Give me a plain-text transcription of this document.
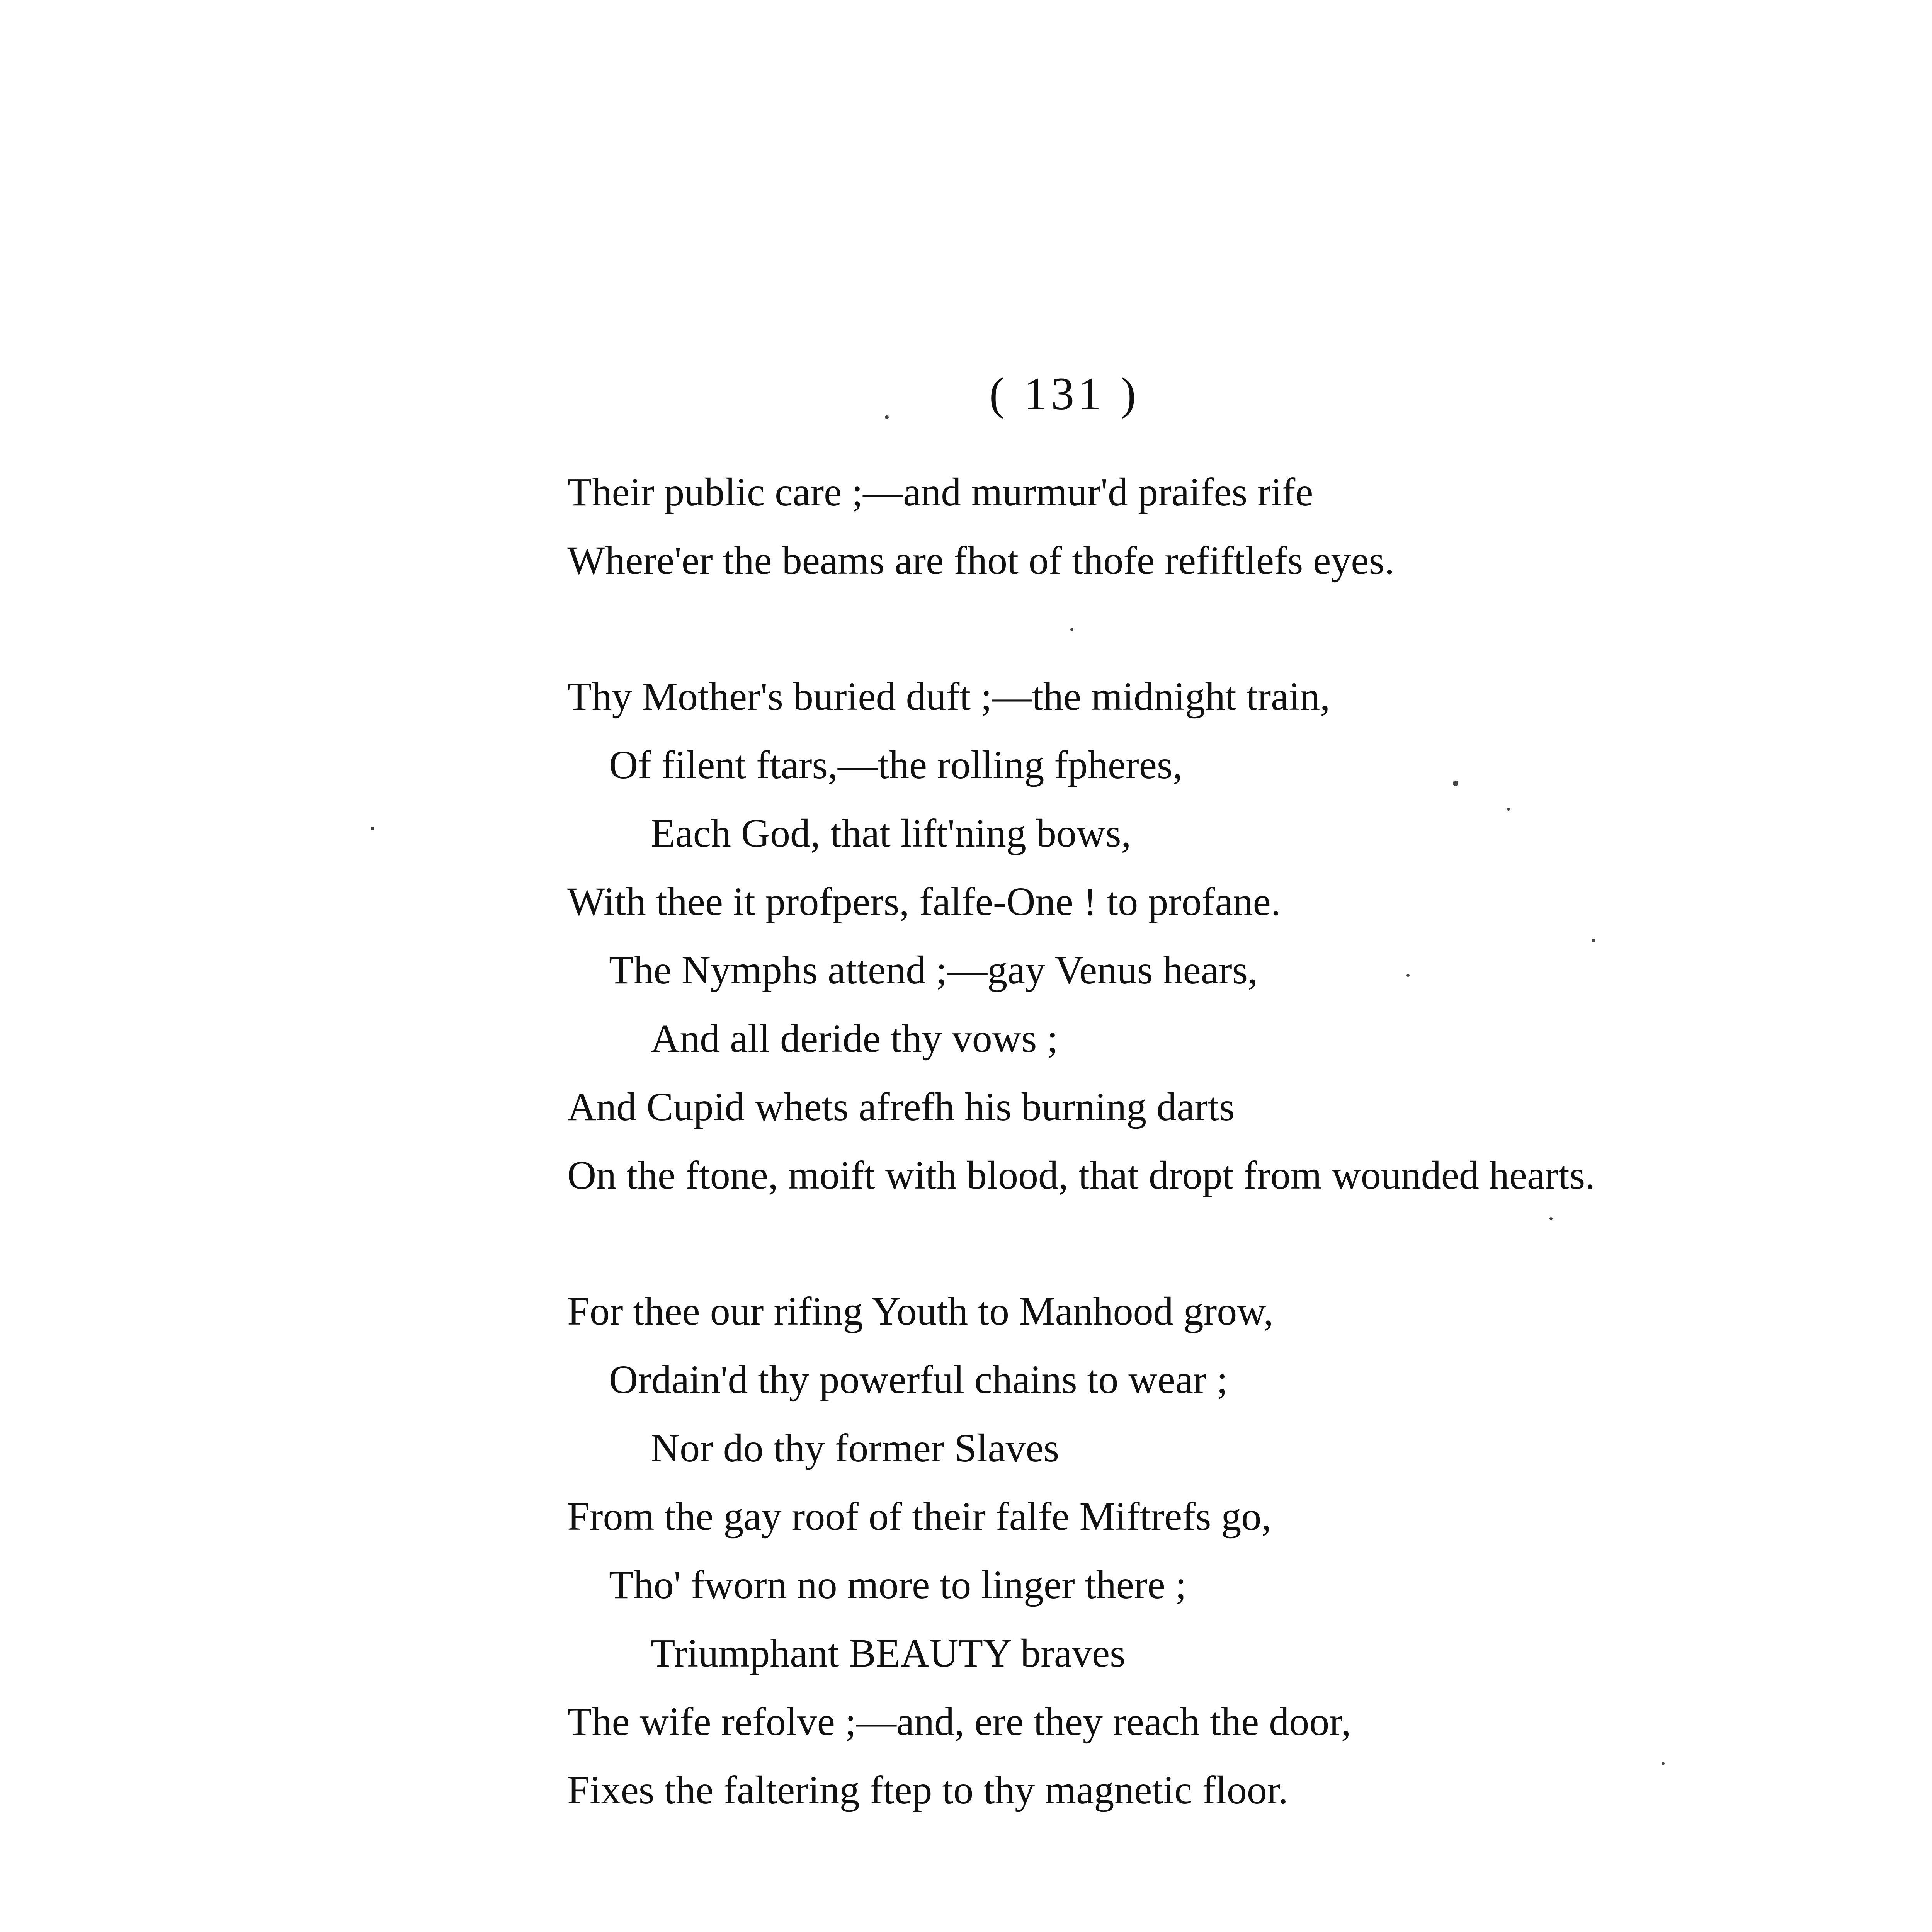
( 131 )
Their public care ;—and murmur'd praifes rife
Where'er the beams are fhot of thofe refiftlefs eyes.
Thy Mother's buried duft ;—the midnight train,
Of filent ftars,—the rolling fpheres,
Each God, that lift'ning bows,
With thee it profpers, falfe-One ! to profane.
The Nymphs attend ;—gay Venus hears,
And all deride thy vows ;
And Cupid whets afrefh his burning darts
On the ftone, moift with blood, that dropt from wounded hearts.
For thee our rifing Youth to Manhood grow,
Ordain'd thy powerful chains to wear ;
Nor do thy former Slaves
From the gay roof of their falfe Miftrefs go,
Tho' fworn no more to linger there ;
Triumphant BEAUTY braves
The wife refolve ;—and, ere they reach the door,
Fixes the faltering ftep to thy magnetic floor.
